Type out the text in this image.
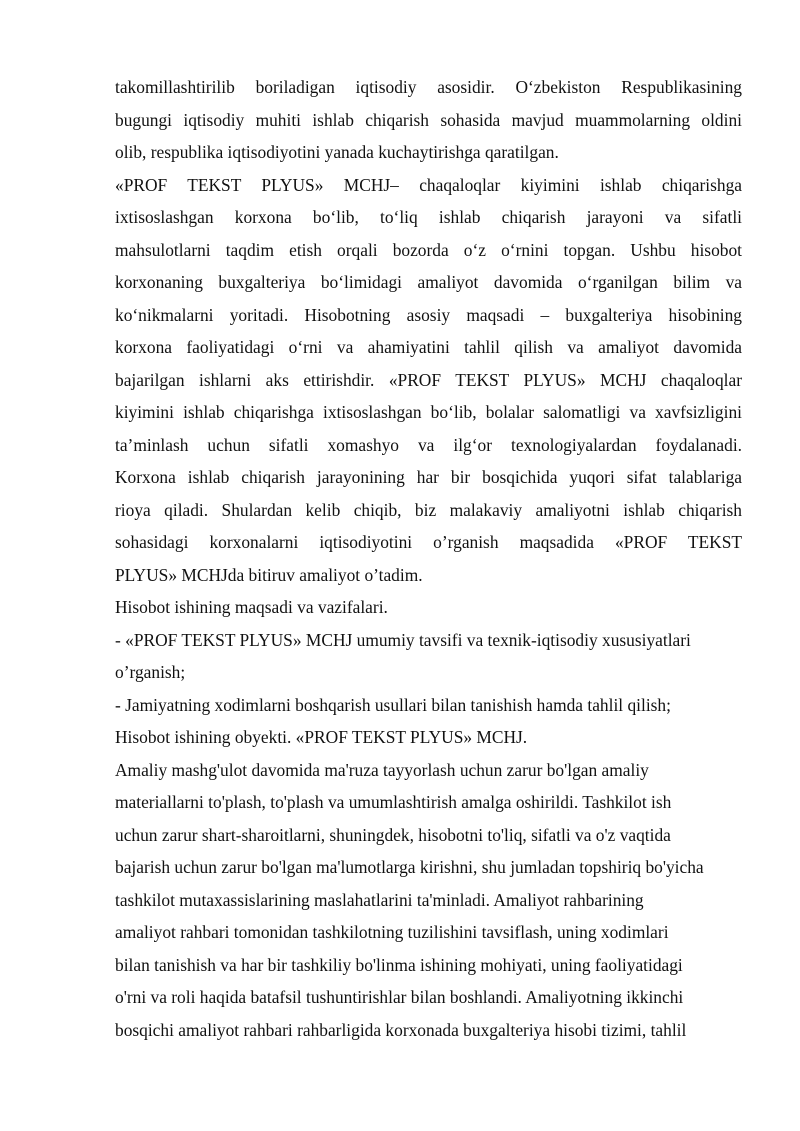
takomillashtirilib boriladigan iqtisodiy asosidir. O‘zbekiston Respublikasining
bugungi iqtisodiy muhiti ishlab chiqarish sohasida mavjud muammolarning oldini
olib, respublika iqtisodiyotini yanada kuchaytirishga qaratilgan.
«PROF TEKST PLYUS» MCHJ– chaqaloqlar kiyimini ishlab chiqarishga
ixtisoslashgan korxona bo‘lib, to‘liq ishlab chiqarish jarayoni va sifatli
mahsulotlarni taqdim etish orqali bozorda o‘z o‘rnini topgan. Ushbu hisobot
korxonaning buxgalteriya bo‘limidagi amaliyot davomida o‘rganilgan bilim va
ko‘nikmalarni yoritadi. Hisobotning asosiy maqsadi – buxgalteriya hisobining
korxona faoliyatidagi o‘rni va ahamiyatini tahlil qilish va amaliyot davomida
bajarilgan ishlarni aks ettirishdir. «PROF TEKST PLYUS» MCHJ chaqaloqlar
kiyimini ishlab chiqarishga ixtisoslashgan bo‘lib, bolalar salomatligi va xavfsizligini
ta’minlash uchun sifatli xomashyo va ilg‘or texnologiyalardan foydalanadi.
Korxona ishlab chiqarish jarayonining har bir bosqichida yuqori sifat talablariga
rioya qiladi. Shulardan kelib chiqib, biz malakaviy amaliyotni ishlab chiqarish
sohasidagi korxonalarni iqtisodiyotini o’rganish maqsadida «PROF TEKST
PLYUS» MCHJda bitiruv amaliyot o’tadim.
Hisobot ishining maqsadi va vazifalari.
- «PROF TEKST PLYUS» MCHJ umumiy tavsifi va texnik-iqtisodiy xususiyatlari
o’rganish;
- Jamiyatning xodimlarni boshqarish usullari bilan tanishish hamda tahlil qilish;
Hisobot ishining obyekti. «PROF TEKST PLYUS» MCHJ.
Amaliy mashg'ulot davomida ma'ruza tayyorlash uchun zarur bo'lgan amaliy
materiallarni to'plash, to'plash va umumlashtirish amalga oshirildi. Tashkilot ish
uchun zarur shart-sharoitlarni, shuningdek, hisobotni to'liq, sifatli va o'z vaqtida
bajarish uchun zarur bo'lgan ma'lumotlarga kirishni, shu jumladan topshiriq bo'yicha
tashkilot mutaxassislarining maslahatlarini ta'minladi. Amaliyot rahbarining
amaliyot rahbari tomonidan tashkilotning tuzilishini tavsiflash, uning xodimlari
bilan tanishish va har bir tashkiliy bo'linma ishining mohiyati, uning faoliyatidagi
o'rni va roli haqida batafsil tushuntirishlar bilan boshlandi. Amaliyotning ikkinchi
bosqichi amaliyot rahbari rahbarligida korxonada buxgalteriya hisobi tizimi, tahlil
